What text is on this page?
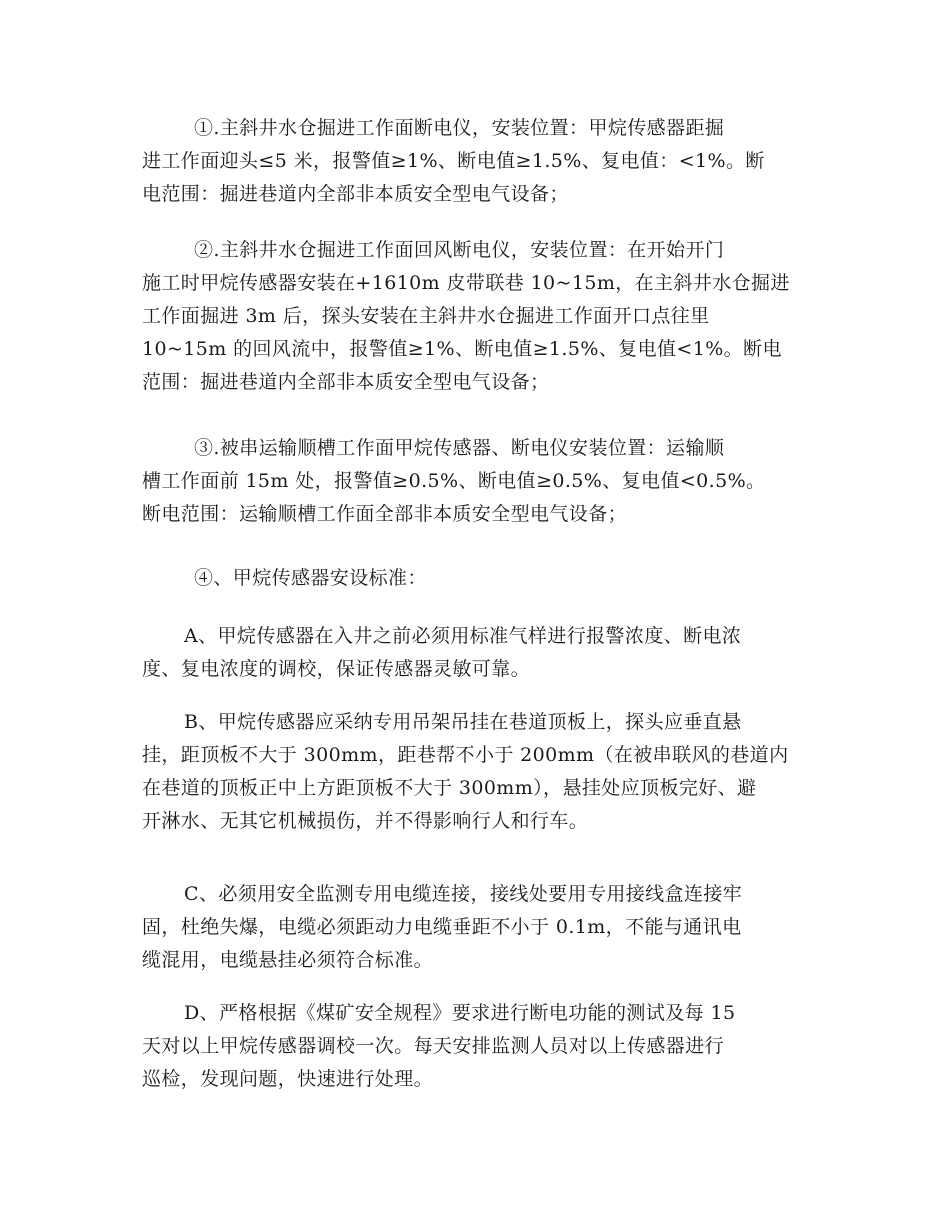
①.主斜井水仓掘进工作面断电仪，安装位置：甲烷传感器距掘
进工作面迎头≤5 米，报警值≥1%、断电值≥1.5%、复电值：<1%。断
电范围：掘进巷道内全部非本质安全型电气设备；

②.主斜井水仓掘进工作面回风断电仪，安装位置：在开始开门
施工时甲烷传感器安装在+1610m 皮带联巷 10~15m，在主斜井水仓掘进
工作面掘进 3m 后，探头安装在主斜井水仓掘进工作面开口点往里
10~15m 的回风流中，报警值≥1%、断电值≥1.5%、复电值<1%。断电
范围：掘进巷道内全部非本质安全型电气设备；

③.被串运输顺槽工作面甲烷传感器、断电仪安装位置：运输顺
槽工作面前 15m 处，报警值≥0.5%、断电值≥0.5%、复电值<0.5%。
断电范围：运输顺槽工作面全部非本质安全型电气设备；

④、甲烷传感器安设标准：

A、甲烷传感器在入井之前必须用标准气样进行报警浓度、断电浓
度、复电浓度的调校，保证传感器灵敏可靠。

B、甲烷传感器应采纳专用吊架吊挂在巷道顶板上，探头应垂直悬
挂，距顶板不大于 300mm，距巷帮不小于 200mm（在被串联风的巷道内
在巷道的顶板正中上方距顶板不大于 300mm），悬挂处应顶板完好、避
开淋水、无其它机械损伤，并不得影响行人和行车。

C、必须用安全监测专用电缆连接，接线处要用专用接线盒连接牢
固，杜绝失爆，电缆必须距动力电缆垂距不小于 0.1m，不能与通讯电
缆混用，电缆悬挂必须符合标准。

D、严格根据《煤矿安全规程》要求进行断电功能的测试及每 15
天对以上甲烷传感器调校一次。每天安排监测人员对以上传感器进行
巡检，发现问题，快速进行处理。
